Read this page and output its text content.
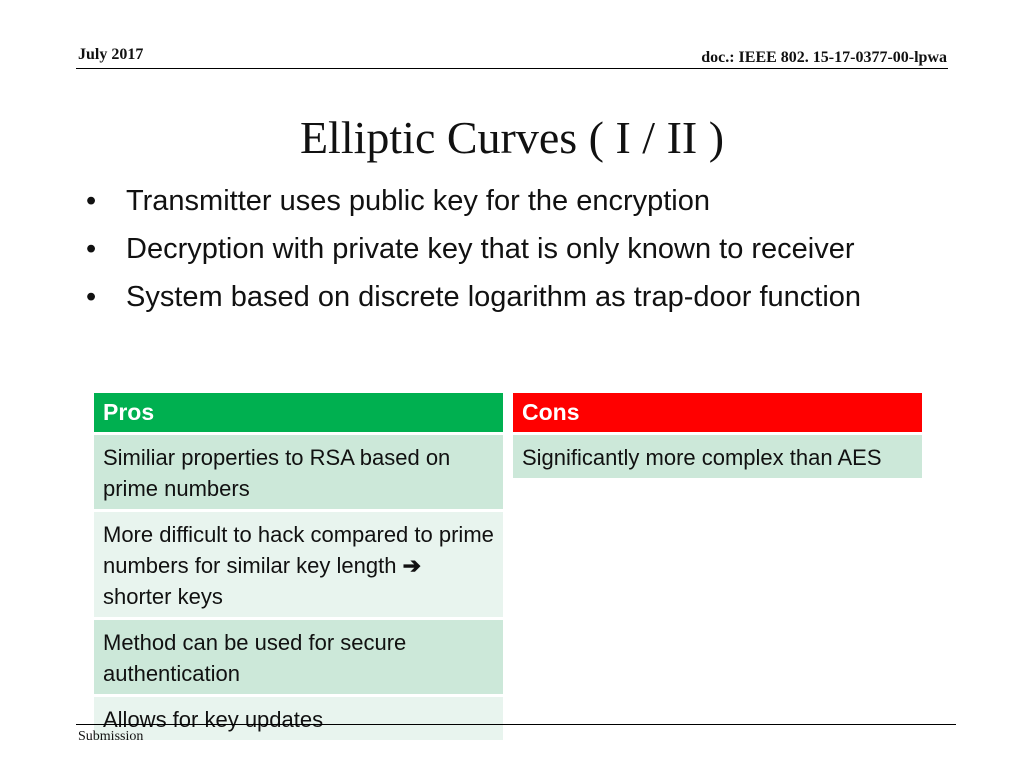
July 2017	doc.: IEEE 802. 15-17-0377-00-lpwa
Elliptic Curves ( I / II )
• Transmitter uses public key for the encryption
• Decryption with private key that is only known to receiver
• System based on discrete logarithm as trap-door function
Pros
Similiar properties to RSA based on prime numbers
More difficult to hack compared to prime numbers for similar key length ➔ shorter keys
Method can be used for secure authentication
Allows for key updates
Cons
Significantly more complex than AES
Submission
